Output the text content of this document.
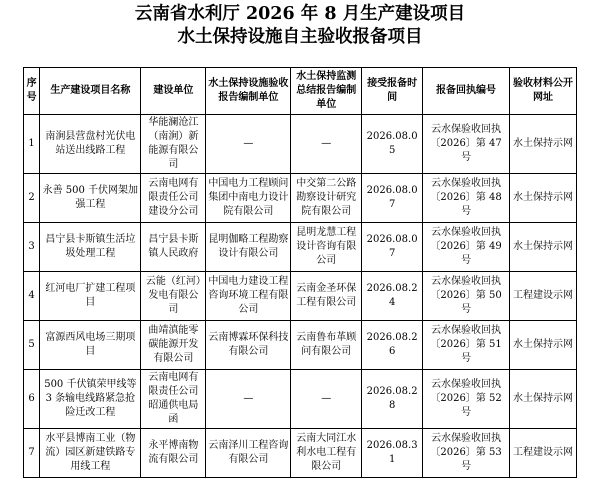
云南省水利厅 2026 年 8 月生产建设项目
水土保持设施自主验收报备项目
序号	生产建设项目名称	建设单位	水土保持设施验收报告编制单位	水土保持监测总结报告编制单位	接受报备时间	报备回执编号	验收材料公开网址
1	南涧县营盘村光伏电站送出线路工程	华能澜沧江（南涧）新能源有限公司	—	—	2026.08.05	云水保验收回执〔2026〕第 47 号	水土保持示网
2	永善 500 千伏网架加强工程	云南电网有限责任公司建设分公司	中国电力工程顾问集团中南电力设计院有限公司	中交第二公路勘察设计研究院有限公司	2026.08.07	云水保验收回执〔2026〕第 48 号	水土保持示网
3	昌宁县卡斯镇生活垃圾处理工程	昌宁县卡斯镇人民政府	昆明伽略工程勘察设计有限公司	昆明龙慧工程设计咨询有限公司	2026.08.07	云水保验收回执〔2026〕第 49 号	水土保持示网
4	红河电厂扩建工程项目	云能（红河）发电有限公司	中国电力建设工程咨询环境工程有限公司	云南金圣环保工程有限公司	2026.08.24	云水保验收回执〔2026〕第 50 号	工程建设示网
5	富源西风电场三期项目	曲靖滇能零碳能源开发有限公司	云南博霖环保科技有限公司	云南鲁布革顾问有限公司	2026.08.26	云水保验收回执〔2026〕第 51 号	水土保持示网
6	500 千伏镇荣甲线等 3 条输电线路紧急抢险迁改工程	云南电网有限责任公司昭通供电局函	—	—	2026.08.28	云水保验收回执〔2026〕第 52 号	水土保持示网
7	水平县博南工业（物流）园区新建铁路专用线工程	永平博南物流有限公司	云南泽川工程咨询有限公司	云南大同江水利水电工程有限公司	2026.08.31	云水保验收回执〔2026〕第 53 号	工程建设示网
